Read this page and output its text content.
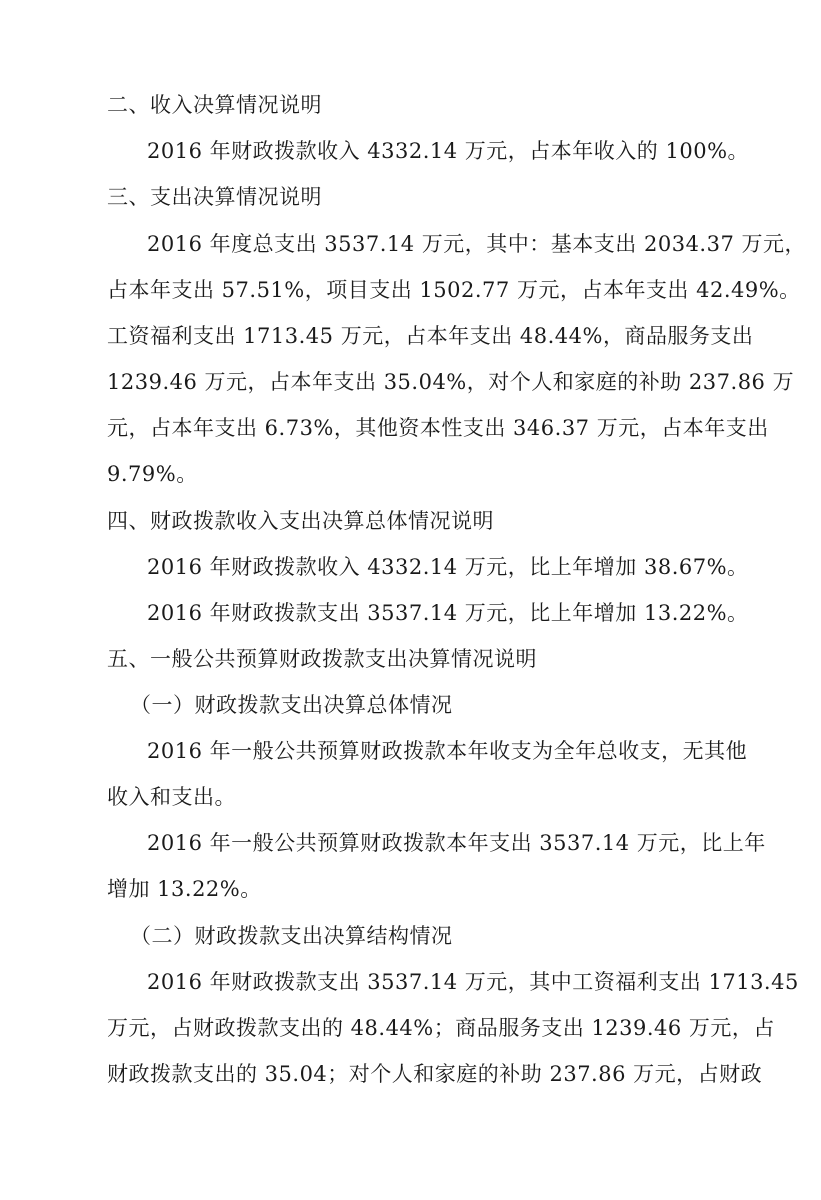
二、收入决算情况说明
2016 年财政拨款收入 4332.14 万元，占本年收入的 100%。
三、支出决算情况说明
2016 年度总支出 3537.14 万元，其中：基本支出 2034.37 万元，
占本年支出 57.51%，项目支出 1502.77 万元，占本年支出 42.49%。
工资福利支出 1713.45 万元，占本年支出 48.44%，商品服务支出
1239.46 万元，占本年支出 35.04%，对个人和家庭的补助 237.86 万
元，占本年支出 6.73%，其他资本性支出 346.37 万元，占本年支出
9.79%。
四、财政拨款收入支出决算总体情况说明
2016 年财政拨款收入 4332.14 万元，比上年增加 38.67%。
2016 年财政拨款支出 3537.14 万元，比上年增加 13.22%。
五、一般公共预算财政拨款支出决算情况说明
（一）财政拨款支出决算总体情况
2016 年一般公共预算财政拨款本年收支为全年总收支，无其他
收入和支出。
2016 年一般公共预算财政拨款本年支出 3537.14 万元，比上年
增加 13.22%。
（二）财政拨款支出决算结构情况
2016 年财政拨款支出 3537.14 万元，其中工资福利支出 1713.45
万元，占财政拨款支出的 48.44%；商品服务支出 1239.46 万元，占
财政拨款支出的 35.04；对个人和家庭的补助 237.86 万元，占财政
